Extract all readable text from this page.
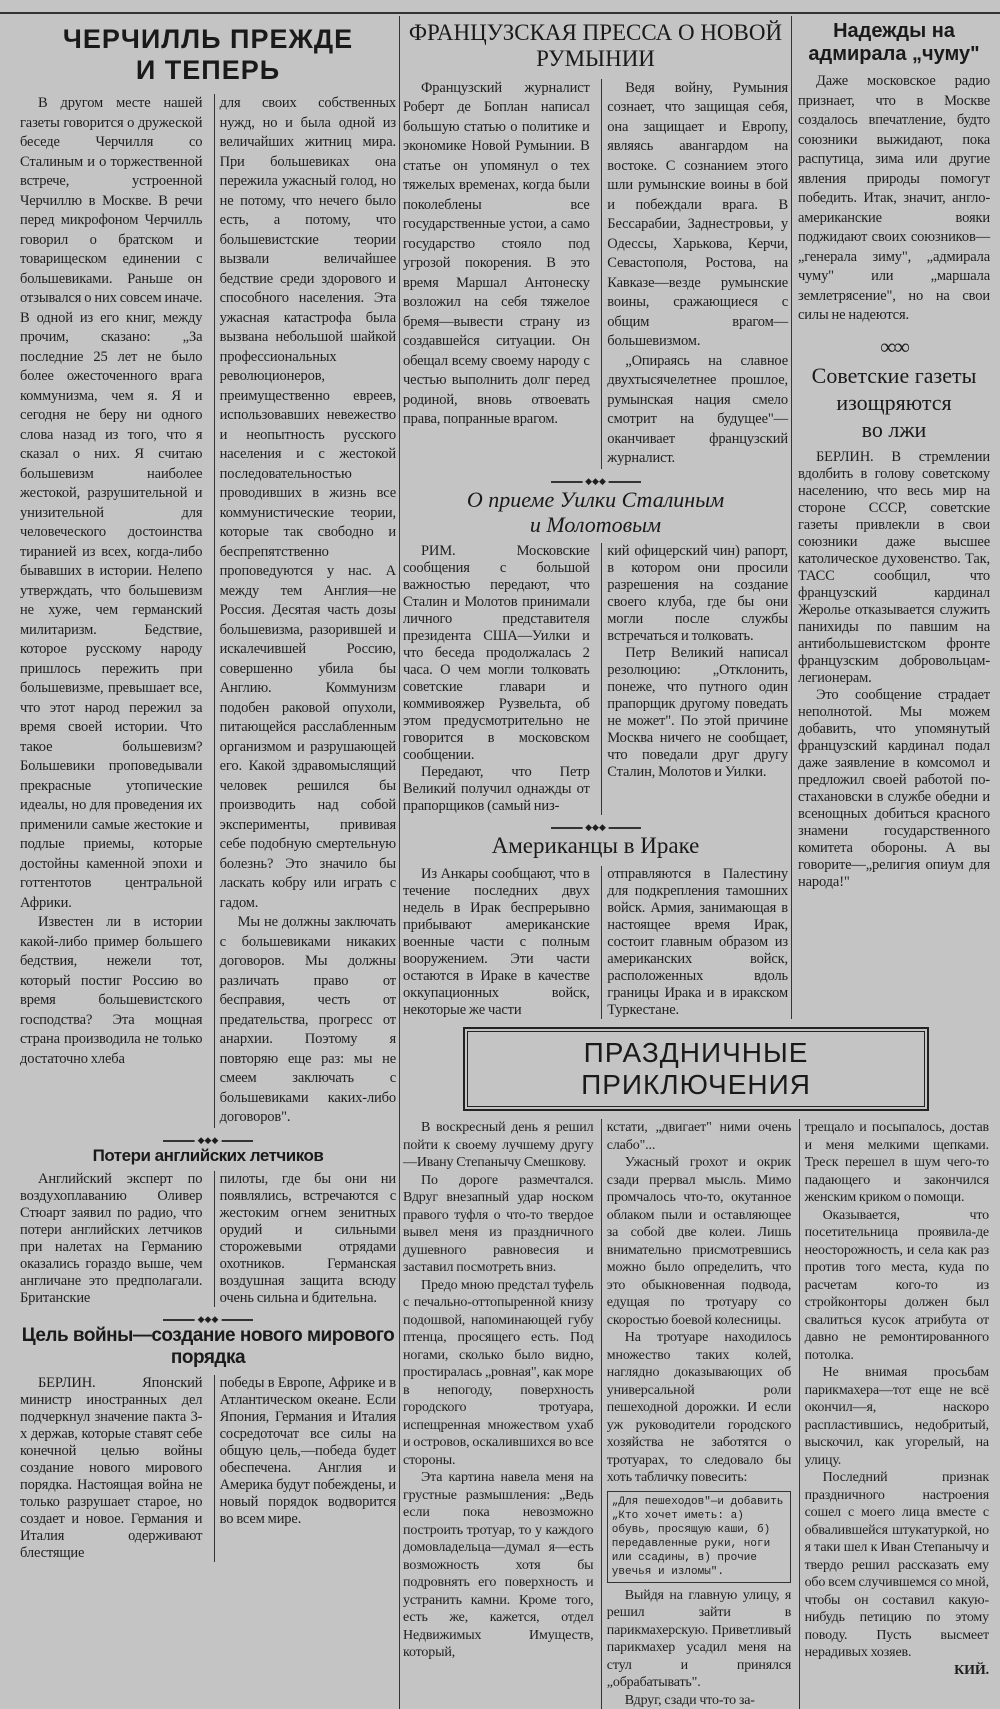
ЧЕРЧИЛЛЬ ПРЕЖДЕ
И ТЕПЕРЬ

В другом месте нашей газеты говорится о дружеской беседе Черчилля со Сталиным и о торжественной встрече, устроенной Черчиллю в Москве. В речи перед микрофоном Черчилль говорил о братском и товарищеском единении с большевиками. Раньше он отзывался о них совсем иначе. В одной из его книг, между прочим, сказано: „За последние 25 лет не было более ожесточенного врага коммунизма, чем я. Я и сегодня не беру ни одного слова назад из того, что я сказал о них. Я считаю большевизм наиболее жестокой, разрушительной и унизительной для человеческого достоинства тиранией из всех, когда-либо бывавших в истории. Нелепо утверждать, что большевизм не хуже, чем германский милитаризм. Бедствие, которое русскому народу пришлось пережить при большевизме, превышает все, что этот народ пережил за время своей истории. Что такое большевизм? Большевики проповедывали прекрасные утопические идеалы, но для проведения их применили самые жестокие и подлые приемы, которые достойны каменной эпохи и готтентотов центральной Африки.

Известен ли в истории какой-либо пример большего бедствия, нежели тот, который постиг Россию во время большевистского господства? Эта мощная страна производила не только достаточно хлеба

для своих собственных нужд, но и была одной из величайших житниц мира. При большевиках она пережила ужасный голод, но не потому, что нечего было есть, а потому, что большевистские теории вызвали величайшее бедствие среди здорового и способного населения. Эта ужасная катастрофа была вызвана небольшой шайкой профессиональных революционеров, преимущественно евреев, использовавших невежество и неопытность русского населения и с жестокой последовательностью проводивших в жизнь все коммунистические теории, которые так свободно и беспрепятственно проповедуются у нас. А между тем Англия—не Россия. Десятая часть дозы большевизма, разорившей и искалечившей Россию, совершенно убила бы Англию. Коммунизм подобен раковой опухоли, питающейся расслабленным организмом и разрушающей его. Какой здравомыслящий человек решился бы производить над собой эксперименты, прививая себе подобную смертельную болезнь? Это значило бы ласкать кобру или играть с гадом.

Мы не должны заключать с большевиками никаких договоров. Мы должны различать право от бесправия, честь от предательства, прогресс от анархии. Поэтому я повторяю еще раз: мы не смеем заключать с большевиками каких-либо договоров".

◆◆◆
Потери английских летчиков

Английский эксперт по воздухоплаванию Оливер Стюарт заявил по радио, что потери английских летчиков при налетах на Германию оказались гораздо выше, чем англичане это предполагали. Британские

пилоты, где бы они ни появлялись, встречаются с жестоким огнем зенитных орудий и сильными сторожевыми отрядами охотников. Германская воздушная защита всюду очень сильна и бдительна.

◆◆◆
Цель войны—создание нового мирового порядка

БЕРЛИН. Японский министр иностранных дел подчеркнул значение пакта 3-х держав, которые ставят себе конечной целью войны создание нового мирового порядка. Настоящая война не только разрушает старое, но создает и новое. Германия и Италия одерживают блестящие

победы в Европе, Африке и в Атлантическом океане. Если Япония, Германия и Италия сосредоточат все силы на общую цель,—победа будет обеспечена. Англия и Америка будут побеждены, и новый порядок водворится во всем мире.

ФРАНЦУЗСКАЯ ПРЕССА О НОВОЙ РУМЫНИИ

Французский журналист Роберт де Боплан написал большую статью о политике и экономике Новой Румынии. В статье он упомянул о тех тяжелых временах, когда были поколеблены все государственные устои, а само государство стояло под угрозой покорения. В это время Маршал Антонеску возложил на себя тяжелое бремя—вывести страну из создавшейся ситуации. Он обещал всему своему народу с честью выполнить долг перед родиной, вновь отвоевать права, попранные врагом.

Ведя войну, Румыния сознает, что защищая себя, она защищает и Европу, являясь авангардом на востоке. С сознанием этого шли румынские воины в бой и побеждали врага. В Бессарабии, Заднестровьи, у Одессы, Харькова, Керчи, Севастополя, Ростова, на Кавказе—везде румынские воины, сражающиеся с общим врагом—большевизмом.

„Опираясь на славное двухтысячелетнее прошлое, румынская нация смело смотрит на будущее"—оканчивает французский журналист.

◆◆◆
О приеме Уилки Сталиным
и Молотовым

РИМ. Московские сообщения с большой важностью передают, что Сталин и Молотов принимали личного представителя президента США—Уилки и что беседа продолжалась 2 часа. О чем могли толковать советские главари и коммивояжер Рузвельта, об этом предусмотрительно не говорится в московском сообщении.

Передают, что Петр Великий получил однажды от прапорщиков (самый низ-

кий офицерский чин) рапорт, в котором они просили разрешения на создание своего клуба, где бы они могли после службы встречаться и толковать.

Петр Великий написал резолюцию: „Отклонить, понеже, что путного один прапорщик другому поведать не может". По этой причине Москва ничего не сообщает, что поведали друг другу Сталин, Молотов и Уилки.

◆◆◆
Американцы в Ираке

Из Анкары сообщают, что в течение последних двух недель в Ирак беспрерывно прибывают американские военные части с полным вооружением. Эти части остаются в Ираке в качестве оккупационных войск, некоторые же части

отправляются в Палестину для подкрепления тамошних войск. Армия, занимающая в настоящее время Ирак, состоит главным образом из американских войск, расположенных вдоль границы Ирака и в иракском Туркестане.

Надежды на
адмирала „чуму"

Даже московское радио признает, что в Москве создалось впечатление, будто союзники выжидают, пока распутица, зима или другие явления природы помогут победить. Итак, значит, англо-американские вояки поджидают своих союзников—„генерала зиму", „адмирала чуму" или „маршала землетрясение", но на свои силы не надеются.

∞∞
Советские газеты
изощряются
во лжи

БЕРЛИН. В стремлении вдолбить в голову советскому населению, что весь мир на стороне СССР, советские газеты привлекли в свои союзники даже высшее католическое духовенство. Так, ТАСС сообщил, что французский кардинал Жеролье отказывается служить панихиды по павшим на антибольшевистском фронте французским добровольцам-легионерам.

Это сообщение страдает неполнотой. Мы можем добавить, что упомянутый французский кардинал подал даже заявление в комсомол и предложил своей работой по-стахановски в службе обедни и всенощных добиться красного знамени государственного комитета обороны. А вы говорите—„религия опиум для народа!"

ПРАЗДНИЧНЫЕ ПРИКЛЮЧЕНИЯ

В воскресный день я решил пойти к своему лучшему другу—Ивану Степанычу Смешкову.

По дороге размечтался. Вдруг внезапный удар носком правого туфля о что-то твердое вывел меня из праздничного душевного равновесия и заставил посмотреть вниз.

Предо мною предстал туфель с печально-оттопыренной книзу подошвой, напоминающей губу птенца, просящего есть. Под ногами, сколько было видно, простиралась „ровная", как море в непогоду, поверхность городского тротуара, испещренная множеством ухаб и островов, оскалившихся во все стороны.

Эта картина навела меня на грустные размышления: „Ведь если пока невозможно построить тротуар, то у каждого домовладельца—думал я—есть возможность хотя бы подровнять его поверхность и устранить камни. Кроме того, есть же, кажется, отдел Недвижимых Имуществ, который,

кстати, „двигает" ними очень слабо"...

Ужасный грохот и окрик сзади прервал мысль. Мимо промчалось что-то, окутанное облаком пыли и оставляющее за собой две колеи. Лишь внимательно присмотревшись можно было определить, что это обыкновенная подвода, едущая по тротуару со скоростью боевой колесницы.

На тротуаре находилось множество таких колей, наглядно доказывающих об универсальной роли пешеходной дорожки. И если уж руководители городского хозяйства не заботятся о тротуарах, то следовало бы хоть табличку повесить:

„Для пешеходов"—и добавить „Кто хочет иметь: а) обувь, просящую каши, б) передавленные руки, ноги или ссадины, в) прочие увечья и изломы".

Выйдя на главную улицу, я решил зайти в парикмахерскую. Приветливый парикмахер усадил меня на стул и принялся „обрабатывать".

Вдруг, сзади что-то за-

трещало и посыпалось, достав и меня мелкими щепками. Треск перешел в шум чего-то падающего и закончился женским криком о помощи.

Оказывается, что посетительница проявила-де неосторожность, и села как раз против того места, куда по расчетам кого-то из стройконторы должен был свалиться кусок атрибута от давно не ремонтированного потолка.

Не внимая просьбам парикмахера—тот еще не всё окончил—я, наскоро распластившись, недобритый, выскочил, как угорелый, на улицу.

Последний признак праздничного настроения сошел с моего лица вместе с обвалившейся штукатуркой, но я таки шел к Иван Степанычу и твердо решил рассказать ему обо всем случившемся со мной, чтобы он составил какую-нибудь петицию по этому поводу. Пусть высмеет нерадивых хозяев.

КИЙ.
